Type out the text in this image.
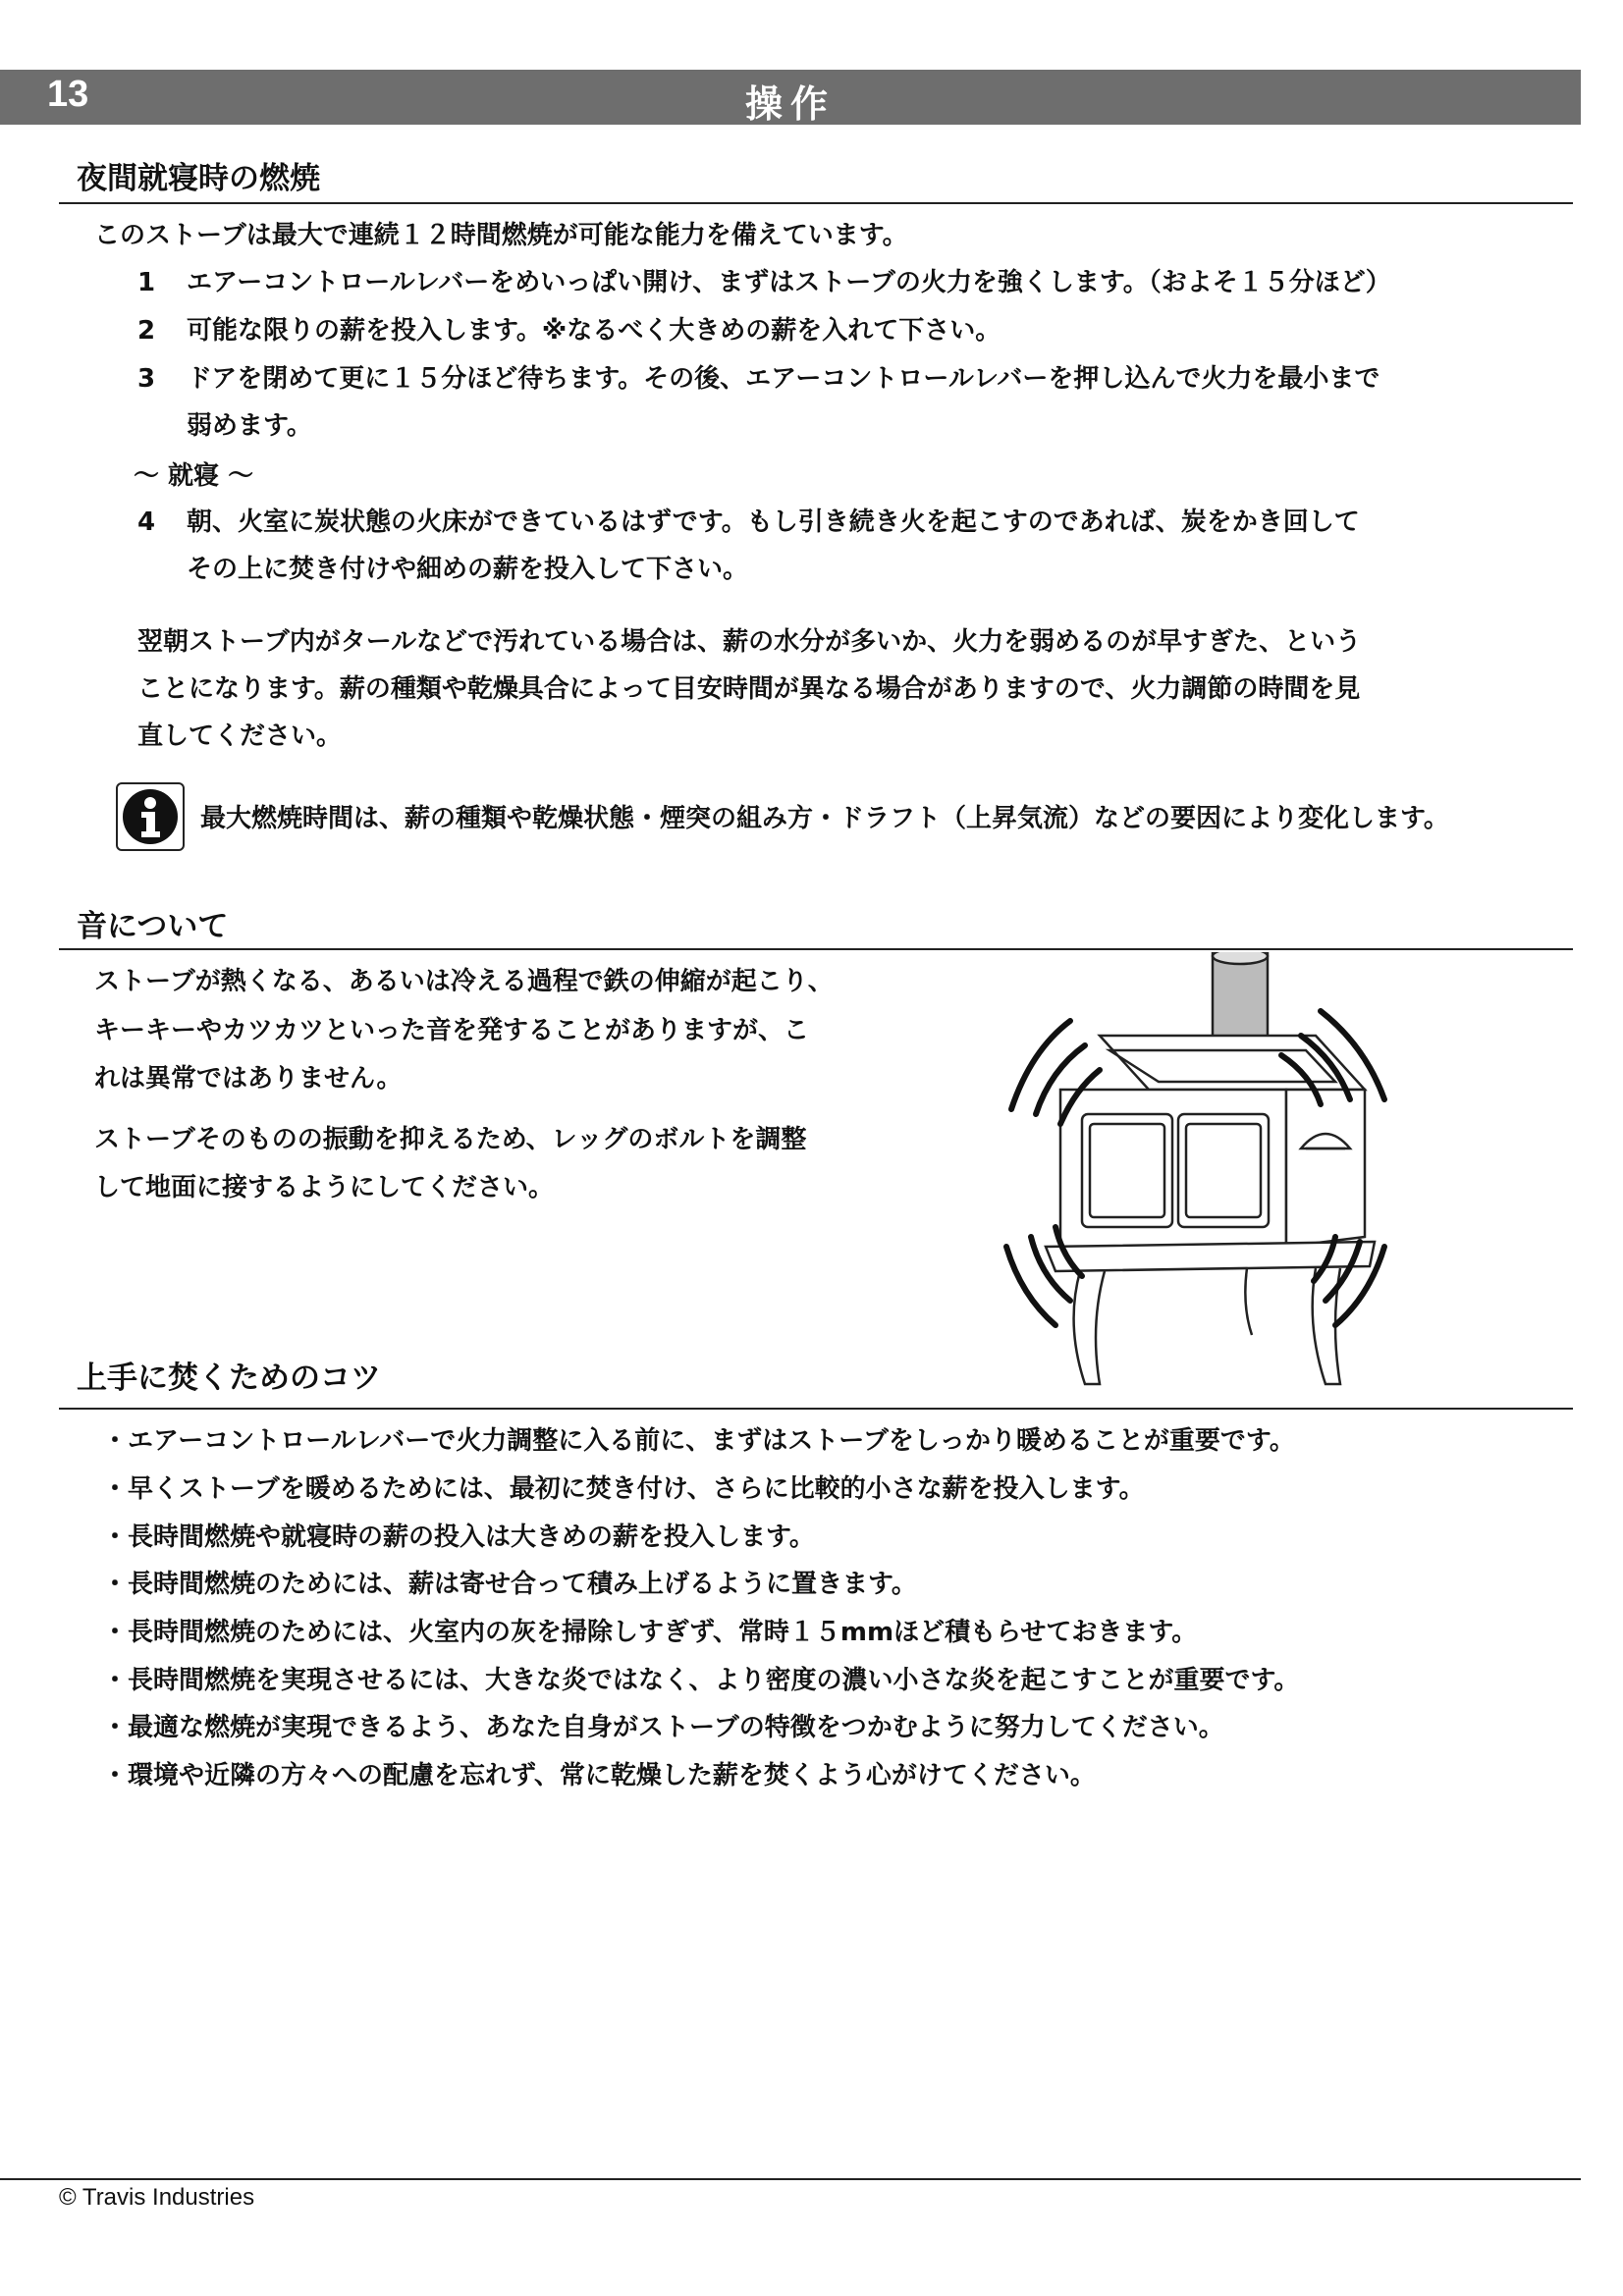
13	操作
夜間就寝時の燃焼
このストーブは最大で連続１２時間燃焼が可能な能力を備えています。
1 エアーコントロールレバーをめいっぱい開け、まずはストーブの火力を強くします。（およそ１５分ほど）
2 可能な限りの薪を投入します。※なるべく大きめの薪を入れて下さい。
3 ドアを閉めて更に１５分ほど待ちます。その後、エアーコントロールレバーを押し込んで火力を最小まで
弱めます。
～ 就寝 ～
4 朝、火室に炭状態の火床ができているはずです。もし引き続き火を起こすのであれば、炭をかき回して
その上に焚き付けや細めの薪を投入して下さい。
翌朝ストーブ内がタールなどで汚れている場合は、薪の水分が多いか、火力を弱めるのが早すぎた、という
ことになります。薪の種類や乾燥具合によって目安時間が異なる場合がありますので、火力調節の時間を見
直してください。
最大燃焼時間は、薪の種類や乾燥状態・煙突の組み方・ドラフト（上昇気流）などの要因により変化します。
音について
ストーブが熱くなる、あるいは冷える過程で鉄の伸縮が起こり、
キーキーやカツカツといった音を発することがありますが、こ
れは異常ではありません。
ストーブそのものの振動を抑えるため、レッグのボルトを調整
して地面に接するようにしてください。
上手に焚くためのコツ
・エアーコントロールレバーで火力調整に入る前に、まずはストーブをしっかり暖めることが重要です。
・早くストーブを暖めるためには、最初に焚き付け、さらに比較的小さな薪を投入します。
・長時間燃焼や就寝時の薪の投入は大きめの薪を投入します。
・長時間燃焼のためには、薪は寄せ合って積み上げるように置きます。
・長時間燃焼のためには、火室内の灰を掃除しすぎず、常時１５mmほど積もらせておきます。
・長時間燃焼を実現させるには、大きな炎ではなく、より密度の濃い小さな炎を起こすことが重要です。
・最適な燃焼が実現できるよう、あなた自身がストーブの特徴をつかむように努力してください。
・環境や近隣の方々への配慮を忘れず、常に乾燥した薪を焚くよう心がけてください。
© Travis Industries
